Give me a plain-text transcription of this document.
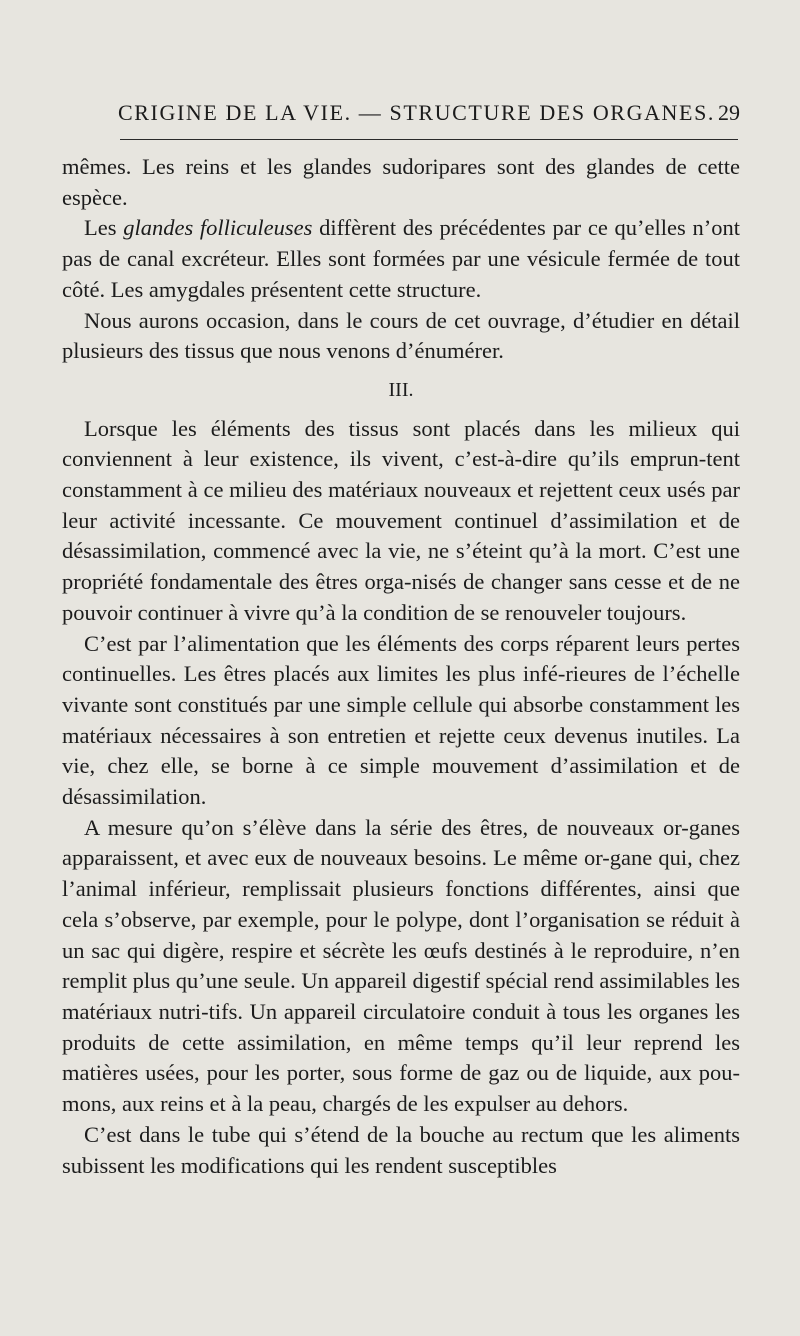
CRIGINE DE LA VIE. — STRUCTURE DES ORGANES. 29

mêmes. Les reins et les glandes sudoripares sont des glandes de cette espèce.

Les glandes folliculeuses diffèrent des précédentes par ce qu’elles n’ont pas de canal excréteur. Elles sont formées par une vésicule fermée de tout côté. Les amygdales présentent cette structure.

Nous aurons occasion, dans le cours de cet ouvrage, d’étudier en détail plusieurs des tissus que nous venons d’énumérer.

III.

Lorsque les éléments des tissus sont placés dans les milieux qui conviennent à leur existence, ils vivent, c’est-à-dire qu’ils emprun-tent constamment à ce milieu des matériaux nouveaux et rejettent ceux usés par leur activité incessante. Ce mouvement continuel d’assimilation et de désassimilation, commencé avec la vie, ne s’éteint qu’à la mort. C’est une propriété fondamentale des êtres orga-nisés de changer sans cesse et de ne pouvoir continuer à vivre qu’à la condition de se renouveler toujours.

C’est par l’alimentation que les éléments des corps réparent leurs pertes continuelles. Les êtres placés aux limites les plus infé-rieures de l’échelle vivante sont constitués par une simple cellule qui absorbe constamment les matériaux nécessaires à son entretien et rejette ceux devenus inutiles. La vie, chez elle, se borne à ce simple mouvement d’assimilation et de désassimilation.

A mesure qu’on s’élève dans la série des êtres, de nouveaux or-ganes apparaissent, et avec eux de nouveaux besoins. Le même or-gane qui, chez l’animal inférieur, remplissait plusieurs fonctions différentes, ainsi que cela s’observe, par exemple, pour le polype, dont l’organisation se réduit à un sac qui digère, respire et sécrète les œufs destinés à le reproduire, n’en remplit plus qu’une seule. Un appareil digestif spécial rend assimilables les matériaux nutri-tifs. Un appareil circulatoire conduit à tous les organes les produits de cette assimilation, en même temps qu’il leur reprend les matières usées, pour les porter, sous forme de gaz ou de liquide, aux pou-mons, aux reins et à la peau, chargés de les expulser au dehors.

C’est dans le tube qui s’étend de la bouche au rectum que les aliments subissent les modifications qui les rendent susceptibles
